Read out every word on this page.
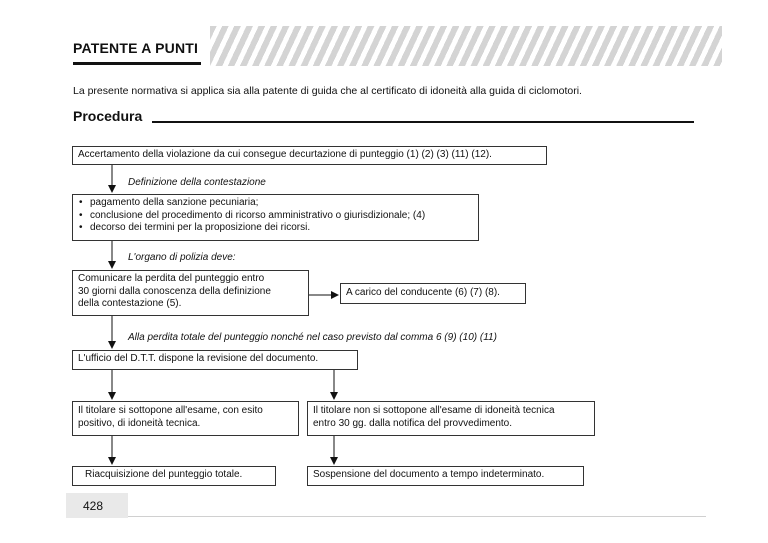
PATENTE A PUNTI
La presente normativa si applica sia alla patente di guida che al certificato di idoneità alla guida di ciclomotori.
Procedura
Accertamento della violazione da cui consegue decurtazione di punteggio (1) (2) (3) (11) (12).
Definizione della contestazione
• pagamento della sanzione pecuniaria;
• conclusione del procedimento di ricorso amministrativo o giurisdizionale; (4)
• decorso dei termini per la proposizione dei ricorsi.
L'organo di polizia deve:
Comunicare la perdita del punteggio entro
30 giorni dalla conoscenza della definizione
della contestazione (5).
A carico del conducente (6) (7) (8).
Alla perdita totale del punteggio nonché nel caso previsto dal comma 6 (9) (10) (11)
L'ufficio del D.T.T. dispone la revisione del documento.
Il titolare si sottopone all'esame, con esito
positivo, di idoneità tecnica.
Il titolare non si sottopone all'esame di idoneità tecnica
entro 30 gg. dalla notifica del provvedimento.
Riacquisizione del punteggio totale.	Sospensione del documento a tempo indeterminato.
428
